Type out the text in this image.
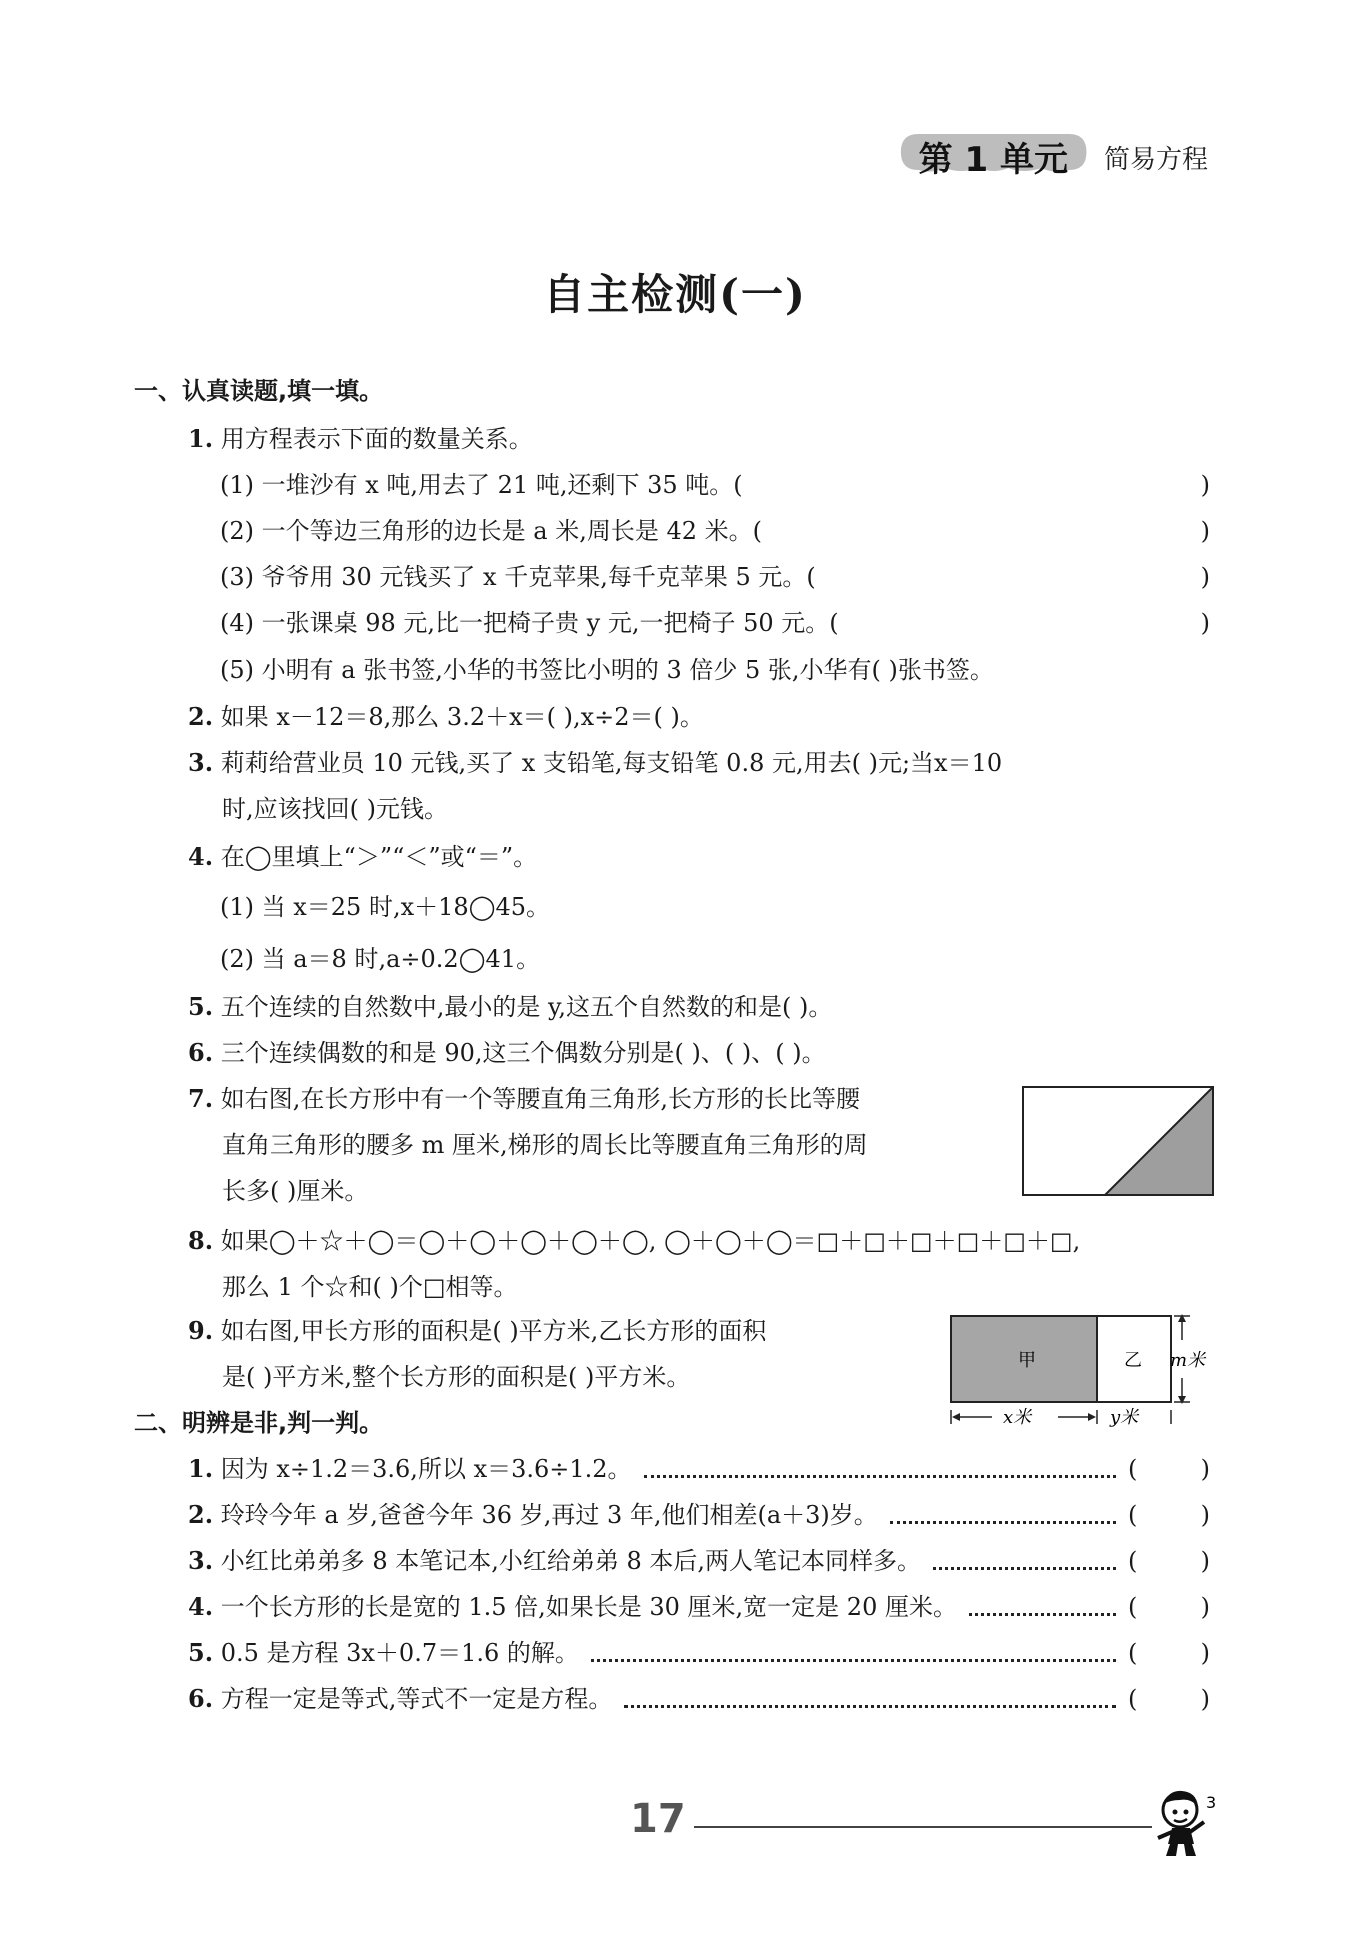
第 1 单元	简易方程
自主检测(一)
一、认真读题,填一填。
1. 用方程表示下面的数量关系。
(1) 一堆沙有 x 吨,用去了 21 吨,还剩下 35 吨。(	)
(2) 一个等边三角形的边长是 a 米,周长是 42 米。(	)
(3) 爷爷用 30 元钱买了 x 千克苹果,每千克苹果 5 元。(	)
(4) 一张课桌 98 元,比一把椅子贵 y 元,一把椅子 50 元。(	)
(5) 小明有 a 张书签,小华的书签比小明的 3 倍少 5 张,小华有( )张书签。
2. 如果 x－12＝8,那么 3.2＋x＝( ),x÷2＝( )。
3. 莉莉给营业员 10 元钱,买了 x 支铅笔,每支铅笔 0.8 元,用去( )元;当x＝10
时,应该找回( )元钱。
4. 在◯里填上“＞”“＜”或“＝”。
(1) 当 x＝25 时,x＋18◯45。
(2) 当 a＝8 时,a÷0.2◯41。
5. 五个连续的自然数中,最小的是 y,这五个自然数的和是( )。
6. 三个连续偶数的和是 90,这三个偶数分别是( )、( )、( )。
7. 如右图,在长方形中有一个等腰直角三角形,长方形的长比等腰
直角三角形的腰多 m 厘米,梯形的周长比等腰直角三角形的周
长多( )厘米。
8. 如果◯＋☆＋◯＝◯＋◯＋◯＋◯＋◯, ◯＋◯＋◯＝□＋□＋□＋□＋□＋□,
那么 1 个☆和( )个□相等。
9. 如右图,甲长方形的面积是( )平方米,乙长方形的面积
是( )平方米,整个长方形的面积是( )平方米。
甲	乙
x米	y米
m米
二、明辨是非,判一判。
1.
因为 x÷1.2＝3.6,所以 x＝3.6÷1.2。	(	)
2.
玲玲今年 a 岁,爸爸今年 36 岁,再过 3 年,他们相差(a＋3)岁。	(	)
3.
小红比弟弟多 8 本笔记本,小红给弟弟 8 本后,两人笔记本同样多。	(	)
4.
一个长方形的长是宽的 1.5 倍,如果长是 30 厘米,宽一定是 20 厘米。	(	)
5.
0.5 是方程 3x＋0.7＝1.6 的解。	(	)
6.
方程一定是等式,等式不一定是方程。	(	)
17	3
